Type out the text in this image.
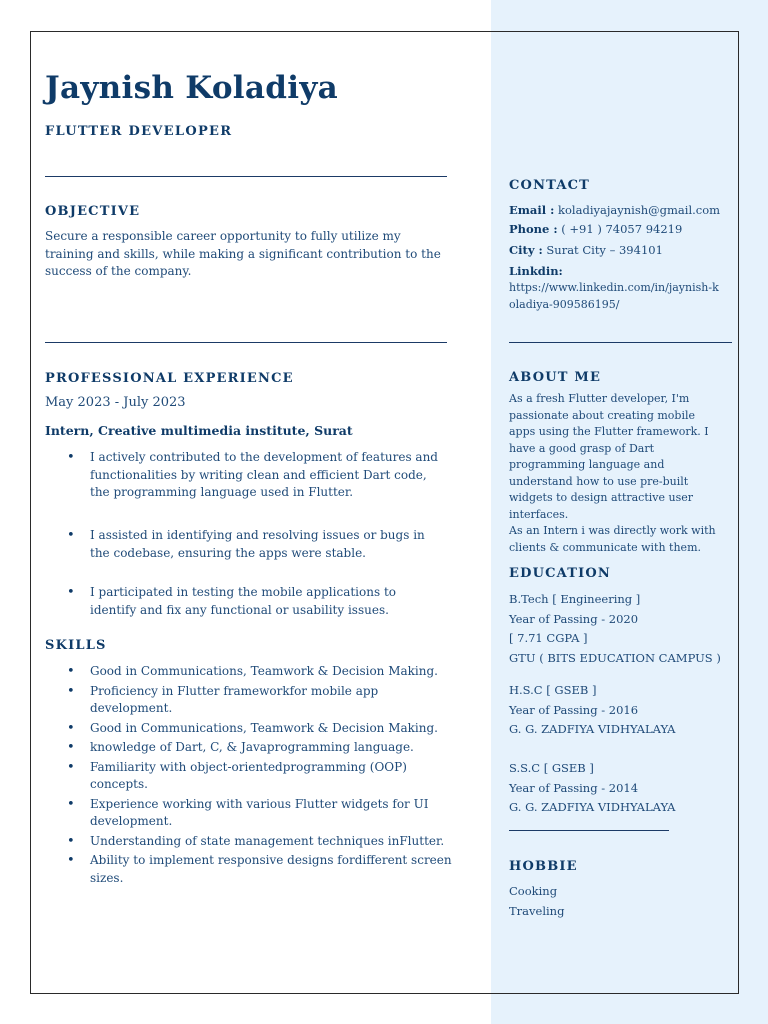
Jaynish Koladiya
FLUTTER DEVELOPER
OBJECTIVE
Secure a responsible career opportunity to fully utilize my training and skills, while making a significant contribution to the success of the company.
PROFESSIONAL EXPERIENCE
May 2023 - July 2023
Intern, Creative multimedia institute, Surat
• I actively contributed to the development of features and functionalities by writing clean and efficient Dart code, the programming language used in Flutter.
• I assisted in identifying and resolving issues or bugs in the codebase, ensuring the apps were stable.
• I participated in testing the mobile applications to identify and fix any functional or usability issues.
SKILLS
• Good in Communications, Teamwork & Decision Making.
• Proficiency in Flutter frameworkfor mobile app development.
• Good in Communications, Teamwork & Decision Making.
• knowledge of Dart, C, & Javaprogramming language.
• Familiarity with object-orientedprogramming (OOP) concepts.
• Experience working with various Flutter widgets for UI development.
• Understanding of state management techniques inFlutter.
• Ability to implement responsive designs fordifferent screen sizes.
CONTACT
Email : koladiyajaynish@gmail.com
Phone : ( +91 ) 74057 94219
City : Surat City – 394101
Linkdin:
https://www.linkedin.com/in/jaynish-koladiya-909586195/
ABOUT ME
As a fresh Flutter developer, I'm passionate about creating mobile apps using the Flutter framework. I have a good grasp of Dart programming language and understand how to use pre-built widgets to design attractive user interfaces.
As an Intern i was directly work with clients & communicate with them.
EDUCATION
B.Tech [ Engineering ]
Year of Passing - 2020
[ 7.71 CGPA ]
GTU ( BITS EDUCATION CAMPUS )
H.S.C [ GSEB ]
Year of Passing - 2016
G. G. ZADFIYA VIDHYALAYA
S.S.C [ GSEB ]
Year of Passing - 2014
G. G. ZADFIYA VIDHYALAYA
HOBBIE
Cooking
Traveling
